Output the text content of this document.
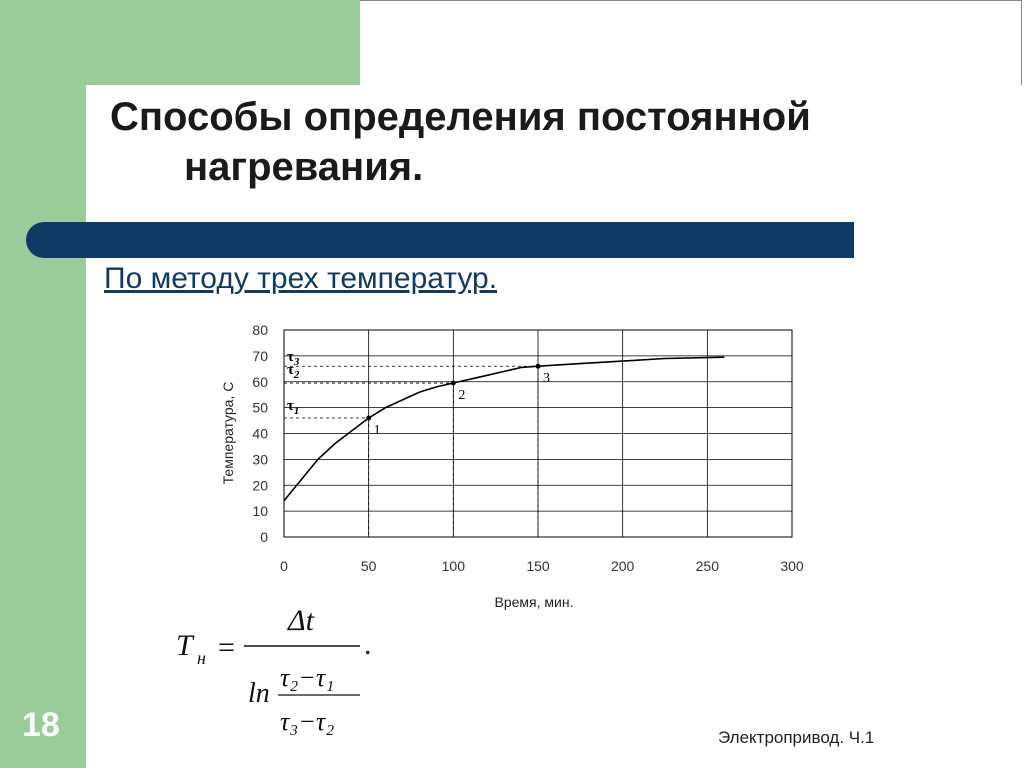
Способы определения постоянной
нагревания.
По методу трех температур.
1
2
3
0
10
20
30
40
50
60
70
80
0	50	100	150	200	250	300
$\tau_3$
$\tau_2$
$\tau_1$
Время, мин.
Температура, С
T н =
Δt
.
ln
τ₂−τ₁
τ₃−τ₂
18	Электропривод. Ч.1
